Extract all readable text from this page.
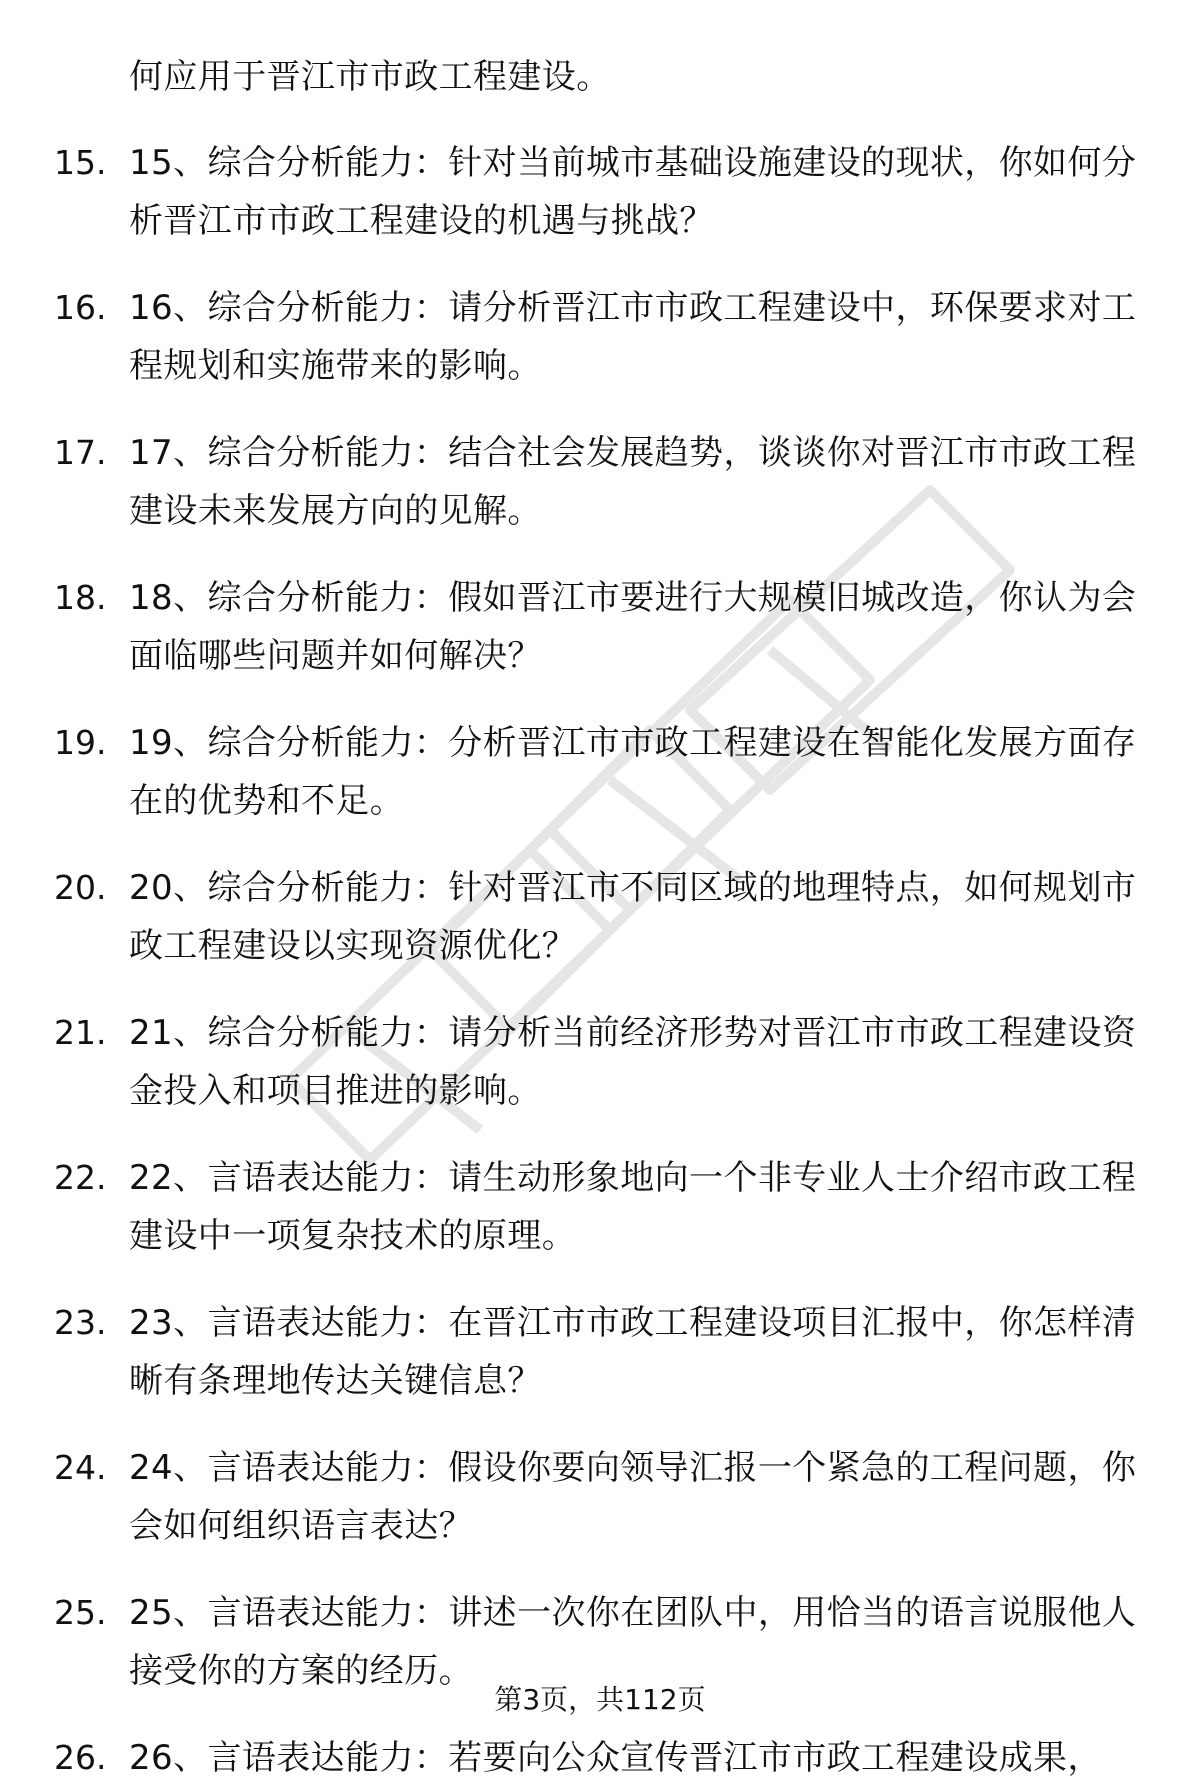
何应用于晋江市市政工程建设。
15. 15、综合分析能力：针对当前城市基础设施建设的现状，你如何分析晋江市市政工程建设的机遇与挑战？
16. 16、综合分析能力：请分析晋江市市政工程建设中，环保要求对工程规划和实施带来的影响。
17. 17、综合分析能力：结合社会发展趋势，谈谈你对晋江市市政工程建设未来发展方向的见解。
18. 18、综合分析能力：假如晋江市要进行大规模旧城改造，你认为会面临哪些问题并如何解决？
19. 19、综合分析能力：分析晋江市市政工程建设在智能化发展方面存在的优势和不足。
20. 20、综合分析能力：针对晋江市不同区域的地理特点，如何规划市政工程建设以实现资源优化？
21. 21、综合分析能力：请分析当前经济形势对晋江市市政工程建设资金投入和项目推进的影响。
22. 22、言语表达能力：请生动形象地向一个非专业人士介绍市政工程建设中一项复杂技术的原理。
23. 23、言语表达能力：在晋江市市政工程建设项目汇报中，你怎样清晰有条理地传达关键信息？
24. 24、言语表达能力：假设你要向领导汇报一个紧急的工程问题，你会如何组织语言表达？
25. 25、言语表达能力：讲述一次你在团队中，用恰当的语言说服他人接受你的方案的经历。
26. 26、言语表达能力：若要向公众宣传晋江市市政工程建设成果，
第3页，共112页
